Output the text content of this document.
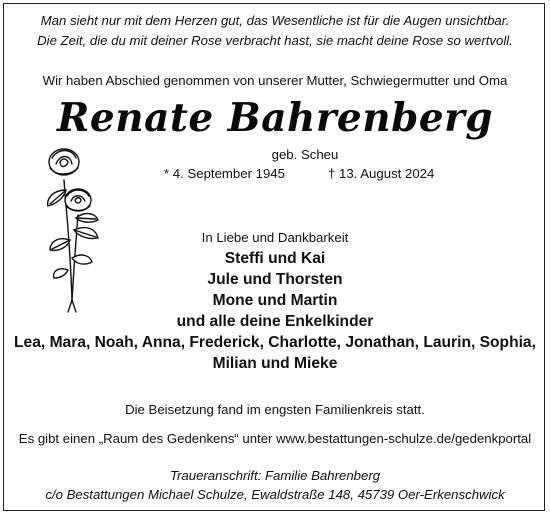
Man sieht nur mit dem Herzen gut, das Wesentliche ist für die Augen unsichtbar.
Die Zeit, die du mit deiner Rose verbracht hast, sie macht deine Rose so wertvoll.
Wir haben Abschied genommen von unserer Mutter, Schwiegermutter und Oma
Renate Bahrenberg
geb. Scheu
* 4. September 1945	† 13. August 2024
In Liebe und Dankbarkeit
Steffi und Kai
Jule und Thorsten
Mone und Martin
und alle deine Enkelkinder
Lea, Mara, Noah, Anna, Frederick, Charlotte, Jonathan, Laurin, Sophia,
Milian und Mieke
Die Beisetzung fand im engsten Familienkreis statt.
Es gibt einen „Raum des Gedenkens“ unter www.bestattungen-schulze.de/gedenkportal
Traueranschrift: Familie Bahrenberg
c/o Bestattungen Michael Schulze, Ewaldstraße 148, 45739 Oer-Erkenschwick
